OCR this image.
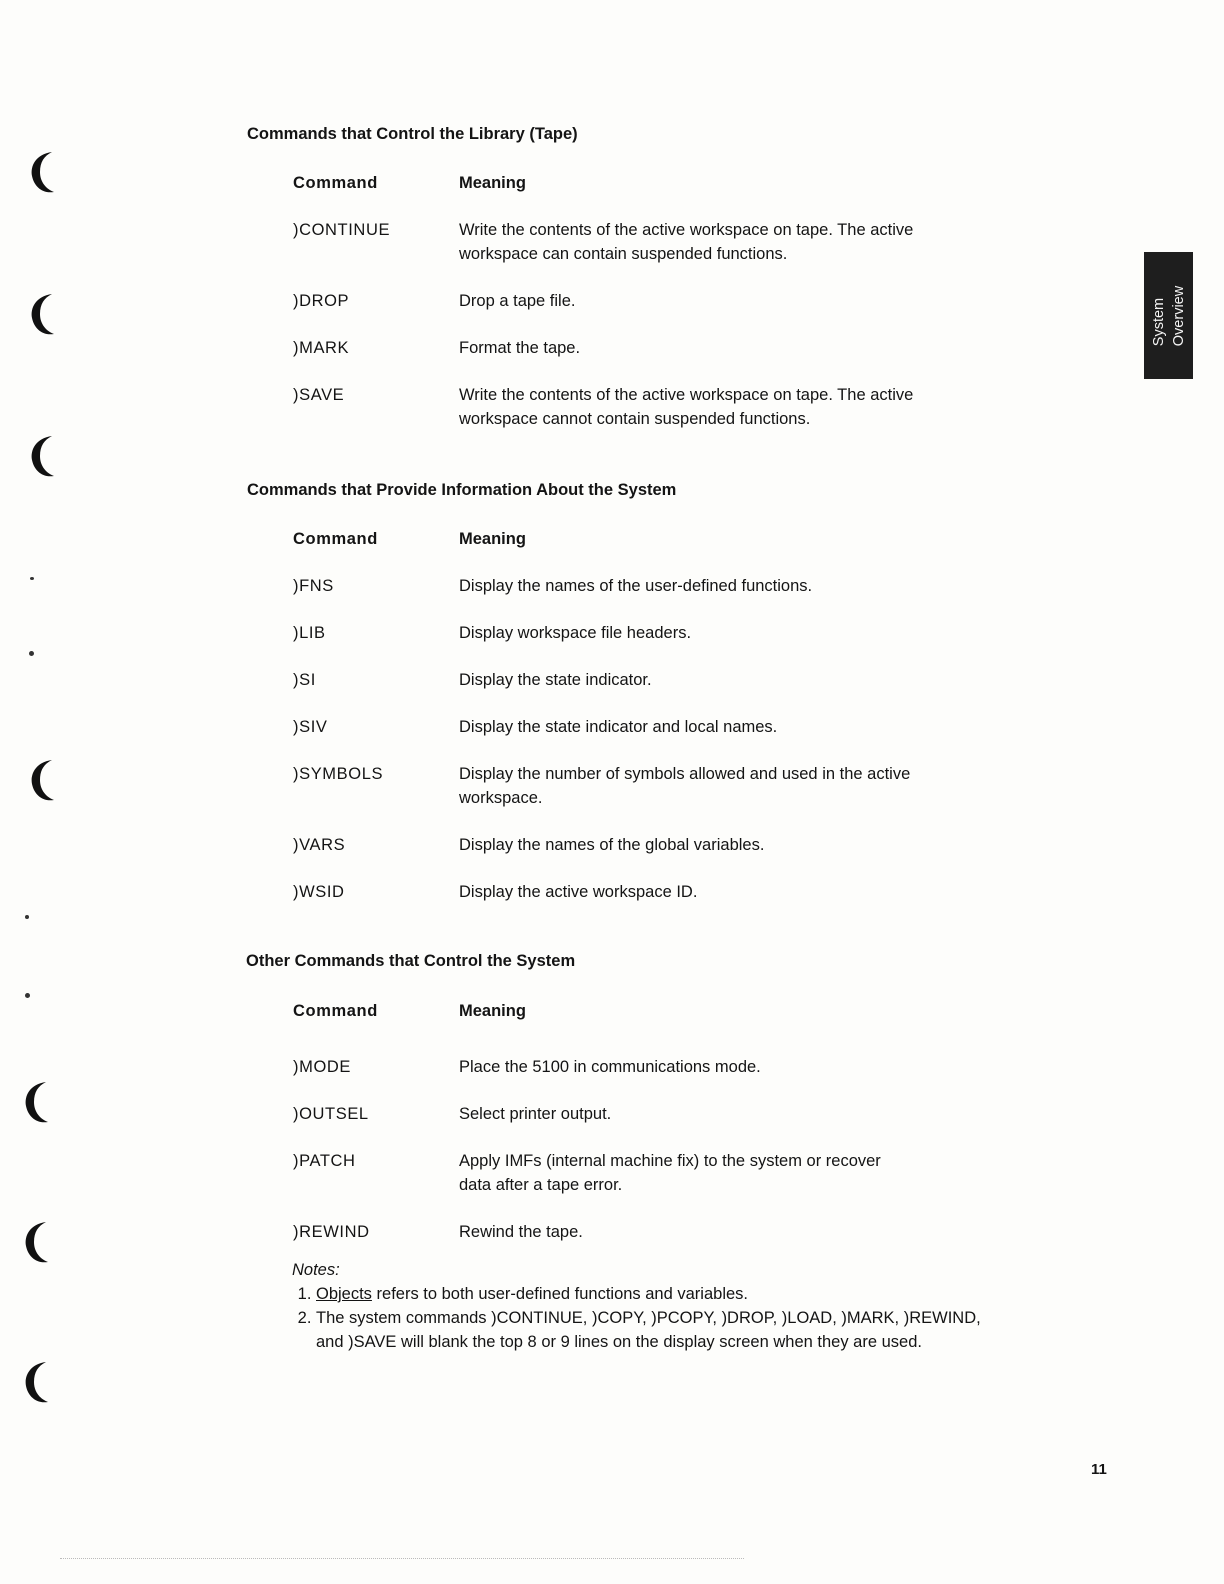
Commands that Control the Library (Tape)
Command	Meaning
)CONTINUE	Write the contents of the active workspace on tape. The active
workspace can contain suspended functions.
)DROP	Drop a tape file.
)MARK	Format the tape.
)SAVE	Write the contents of the active workspace on tape. The active
workspace cannot contain suspended functions.
Commands that Provide Information About the System
Command	Meaning
)FNS	Display the names of the user-defined functions.
)LIB	Display workspace file headers.
)SI	Display the state indicator.
)SIV	Display the state indicator and local names.
)SYMBOLS	Display the number of symbols allowed and used in the active
workspace.
)VARS	Display the names of the global variables.
)WSID	Display the active workspace ID.
Other Commands that Control the System
Command	Meaning
)MODE	Place the 5100 in communications mode.
)OUTSEL	Select printer output.
)PATCH	Apply IMFs (internal machine fix) to the system or recover
data after a tape error.
)REWIND	Rewind the tape.
Notes:
1. Objects refers to both user-defined functions and variables.
2. The system commands )CONTINUE, )COPY, )PCOPY, )DROP, )LOAD, )MARK, )REWIND, and )SAVE will blank the top 8 or 9 lines on the display screen when they are used.
System Overview
11
